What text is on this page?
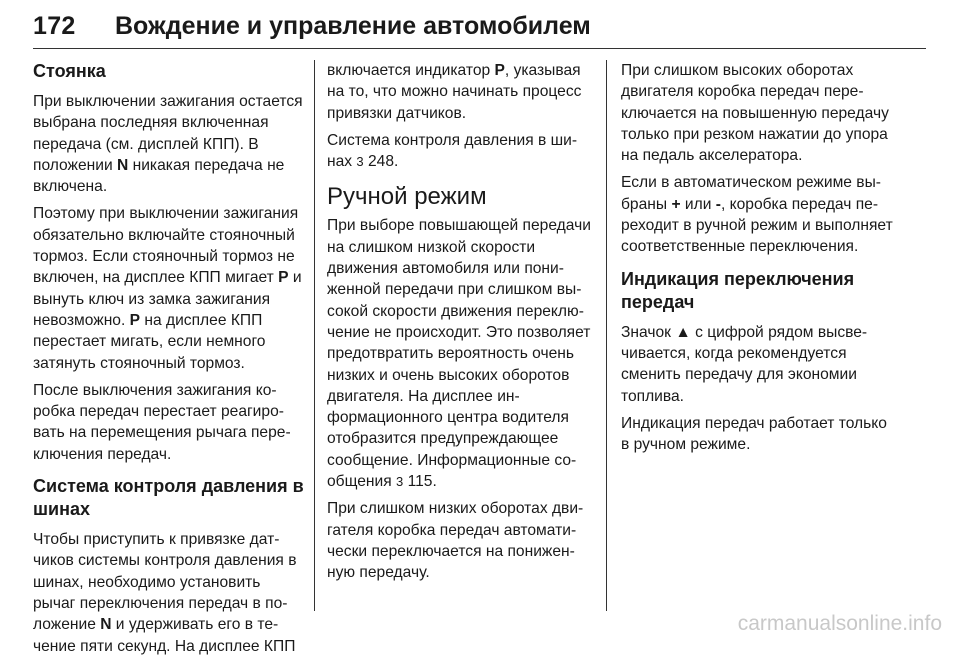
172 Вождение и управление автомобилем
Стоянка

При выключении зажигания остается выбрана последняя включенная передача (см. дисплей КПП). В положении N никакая передача не включена.

Поэтому при выключении зажигания обязательно включайте стояночный тормоз. Если стояночный тормоз не включен, на дисплее КПП мигает P и вынуть ключ из замка зажигания невозможно. P на дисплее КПП перестает мигать, если немного затянуть стояночный тормоз.

После выключения зажигания коробка передач перестает реагировать на перемещения рычага переключения передач.

Система контроля давления в шинах

Чтобы приступить к привязке датчиков системы контроля давления в шинах, необходимо установить рычаг переключения передач в положение N и удерживать его в течение пяти секунд. На дисплее КПП

включается индикатор P, указывая на то, что можно начинать процесс привязки датчиков.

Система контроля давления в шинах 3 248.

Ручной режим

При выборе повышающей передачи на слишком низкой скорости движения автомобиля или пониженной передачи при слишком высокой скорости движения переключение не происходит. Это позволяет предотвратить вероятность очень низких и очень высоких оборотов двигателя. На дисплее информационного центра водителя отобразится предупреждающее сообщение. Информационные сообщения 3 115.

При слишком низких оборотах двигателя коробка передач автоматически переключается на пониженную передачу.

При слишком высоких оборотах двигателя коробка передач переключается на повышенную передачу только при резком нажатии до упора на педаль акселератора.

Если в автоматическом режиме выбраны + или -, коробка передач переходит в ручной режим и выполняет соответственные переключения.

Индикация переключения передач

Значок ▲ с цифрой рядом высвечивается, когда рекомендуется сменить передачу для экономии топлива.

Индикация передач работает только в ручном режиме.

carmanualsonline.info
